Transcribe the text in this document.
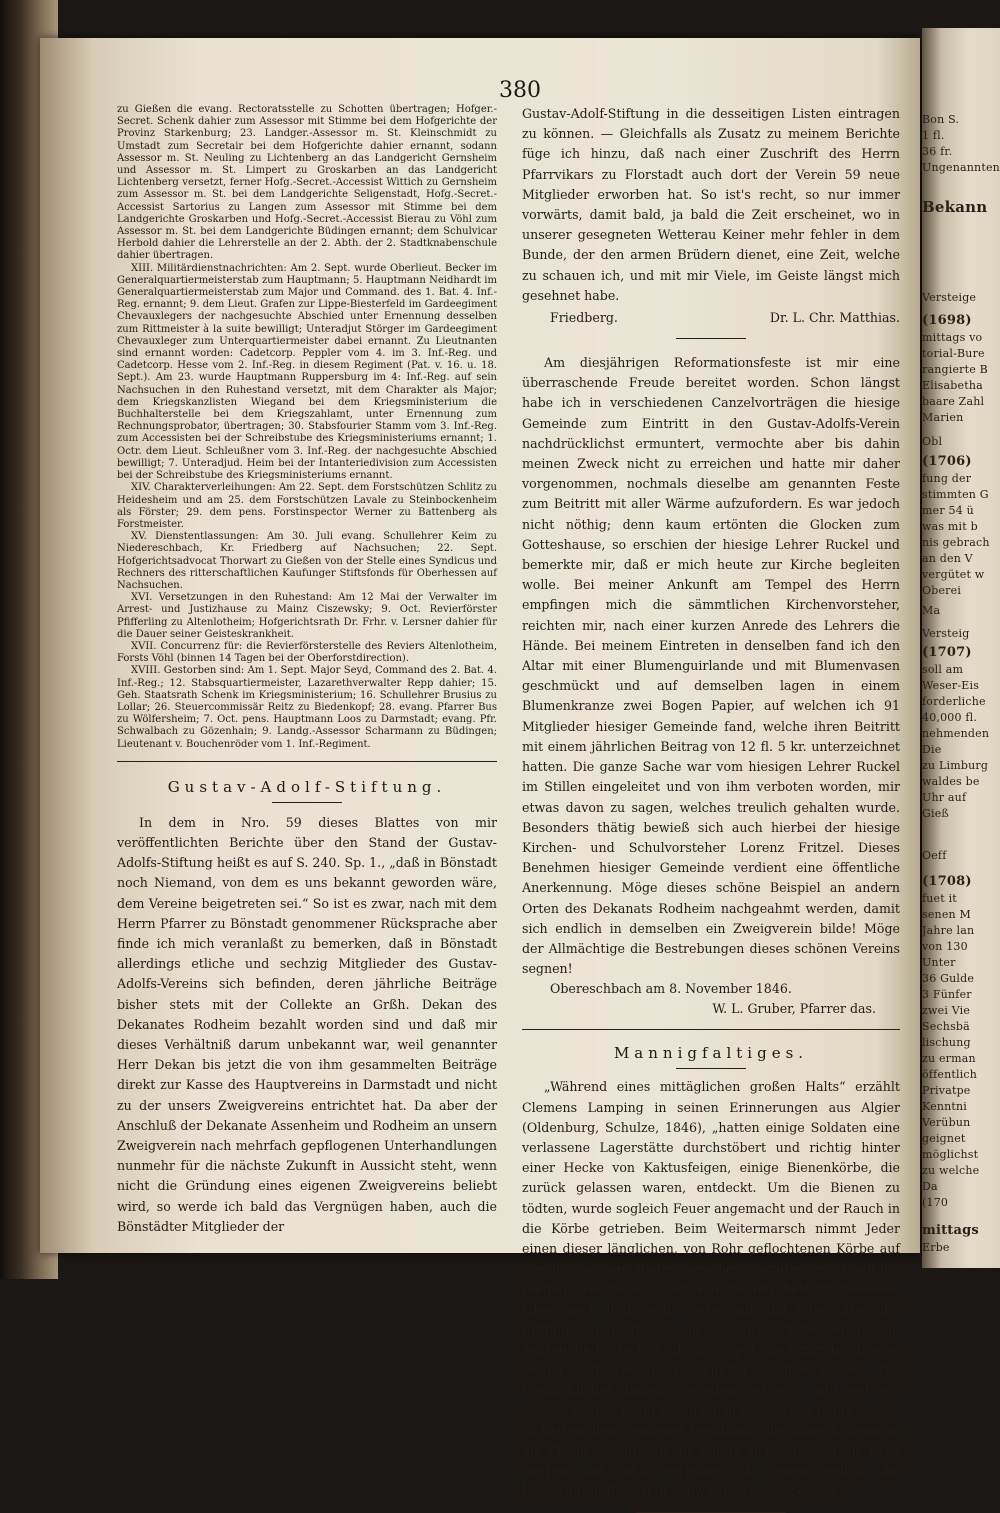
Bon S.
1 fl.
36 fr.
Ungenannten
Bekann
Versteige
(1698)
mittags vo
torial-Bure
rangierte B
Elisabetha
baare Zahl
Marien
Obl
(1706)
fung der
stimmten G
mer 54 ü
was mit b
nis gebrach
an den V
vergütet w
Oberei
Ma
Versteig
(1707)
soll am
Weser-Eis
forderliche
40,000 fl.
nehmenden
Die
zu Limburg
waldes be
Uhr auf
Gieß
Oeff
(1708)
fuet it
senen M
Jahre lan
von 130
Unter
36 Gulde
3 Fünfer
zwei Vie
Sechsbä
lischung
zu erman
öffentlich
Privatpe
Kenntni
Verübun
geignet
möglichst
zu welche
Da
(170
mittags
Erbe
380

zu Gießen die evang. Rectoratsstelle zu Schotten übertragen; Hofger.-Secret. Schenk dahier zum Assessor mit Stimme bei dem Hofgerichte der Provinz Starkenburg; 23. Landger.-Assessor m. St. Kleinschmidt zu Umstadt zum Secretair bei dem Hofgerichte dahier ernannt, sodann Assessor m. St. Neuling zu Lichtenberg an das Landgericht Gernsheim und Assessor m. St. Limpert zu Groskarben an das Landgericht Lichtenberg versetzt, ferner Hofg.-Secret.-Accessist Wittich zu Gernsheim zum Assessor m. St. bei dem Landgerichte Seligenstadt, Hofg.-Secret.-Accessist Sartorius zu Langen zum Assessor mit Stimme bei dem Landgerichte Groskarben und Hofg.-Secret.-Accessist Bierau zu Vöhl zum Assessor m. St. bei dem Landgerichte Büdingen ernannt; dem Schulvicar Herbold dahier die Lehrerstelle an der 2. Abth. der 2. Stadtknabenschule dahier übertragen.

XIII. Militärdienstnachrichten: Am 2. Sept. wurde Oberlieut. Becker im Generalquartiermeisterstab zum Hauptmann; 5. Hauptmann Neidhardt im Generalquartiermeisterstab zum Major und Command. des 1. Bat. 4. Inf.-Reg. ernannt; 9. dem Lieut. Grafen zur Lippe-Biesterfeld im Gardeegiment Chevauxlegers der nachgesuchte Abschied unter Ernennung desselben zum Rittmeister à la suite bewilligt; Unteradjut Störger im Gardeegiment Chevauxleger zum Unterquartiermeister dabei ernannt. Zu Lieutnanten sind ernannt worden: Cadetcorp. Peppler vom 4. im 3. Inf.-Reg. und Cadetcorp. Hesse vom 2. Inf.-Reg. in diesem Regiment (Pat. v. 16. u. 18. Sept.). Am 23. wurde Hauptmann Ruppersburg im 4: Inf.-Reg. auf sein Nachsuchen in den Ruhestand versetzt, mit dem Charakter als Major; dem Kriegskanzlisten Wiegand bei dem Kriegsministerium die Buchhalterstelle bei dem Kriegszahlamt, unter Ernennung zum Rechnungsprobator, übertragen; 30. Stabsfourier Stamm vom 3. Inf.-Reg. zum Accessisten bei der Schreibstube des Kriegsministeriums ernannt; 1. Octr. dem Lieut. Schleußner vom 3. Inf.-Reg. der nachgesuchte Abschied bewilligt; 7. Unteradjud. Heim bei der Intanteriedivision zum Accessisten bei der Schreibstube des Kriegsministeriums ernannt.

XIV. Charakterverleihungen: Am 22. Sept. dem Forstschützen Schlitz zu Heidesheim und am 25. dem Forstschützen Lavale zu Steinbockenheim als Förster; 29. dem pens. Forstinspector Werner zu Battenberg als Forstmeister.

XV. Dienstentlassungen: Am 30. Juli evang. Schullehrer Keim zu Niedereschbach, Kr. Friedberg auf Nachsuchen; 22. Sept. Hofgerichtsadvocat Thorwart zu Gießen von der Stelle eines Syndicus und Rechners des ritterschaftlichen Kaufunger Stiftsfonds für Oberhessen auf Nachsuchen.

XVI. Versetzungen in den Ruhestand: Am 12 Mai der Verwalter im Arrest- und Justizhause zu Mainz Ciszewsky; 9. Oct. Revierförster Pfifferling zu Altenlotheim; Hofgerichtsrath Dr. Frhr. v. Lersner dahier für die Dauer seiner Geisteskrankheit.

XVII. Concurrenz für: die Revierförsterstelle des Reviers Altenlotheim, Forsts Vöhl (binnen 14 Tagen bei der Oberforstdirection).

XVIII. Gestorben sind: Am 1. Sept. Major Seyd, Command des 2. Bat. 4. Inf.-Reg.; 12. Stabsquartiermeister, Lazarethverwalter Repp dahier; 15. Geh. Staatsrath Schenk im Kriegsministerium; 16. Schullehrer Brusius zu Lollar; 26. Steuercommissär Reitz zu Biedenkopf; 28. evang. Pfarrer Bus zu Wölfersheim; 7. Oct. pens. Hauptmann Loos zu Darmstadt; evang. Pfr. Schwalbach zu Gözenhain; 9. Landg.-Assessor Scharmann zu Büdingen; Lieutenant v. Bouchenröder vom 1. Inf.-Regiment.

Gustav-Adolf-Stiftung.

In dem in Nro. 59 dieses Blattes von mir veröffentlichten Berichte über den Stand der Gustav-Adolfs-Stiftung heißt es auf S. 240. Sp. 1., „daß in Bönstadt noch Niemand, von dem es uns bekannt geworden wäre, dem Vereine beigetreten sei.“ So ist es zwar, nach mit dem Herrn Pfarrer zu Bönstadt genommener Rücksprache aber finde ich mich veranlaßt zu bemerken, daß in Bönstadt allerdings etliche und sechzig Mitglieder des Gustav-Adolfs-Vereins sich befinden, deren jährliche Beiträge bisher stets mit der Collekte an Grßh. Dekan des Dekanates Rodheim bezahlt worden sind und daß mir dieses Verhältniß darum unbekannt war, weil genannter Herr Dekan bis jetzt die von ihm gesammelten Beiträge direkt zur Kasse des Hauptvereins in Darmstadt und nicht zu der unsers Zweigvereins entrichtet hat. Da aber der Anschluß der Dekanate Assenheim und Rodheim an unsern Zweigverein nach mehrfach gepflogenen Unterhandlungen nunmehr für die nächste Zukunft in Aussicht steht, wenn nicht die Gründung eines eigenen Zweigvereins beliebt wird, so werde ich bald das Vergnügen haben, auch die Bönstädter Mitglieder der

Gustav-Adolf-Stiftung in die desseitigen Listen eintragen zu können. — Gleichfalls als Zusatz zu meinem Berichte füge ich hinzu, daß nach einer Zuschrift des Herrn Pfarrvikars zu Florstadt auch dort der Verein 59 neue Mitglieder erworben hat. So ist's recht, so nur immer vorwärts, damit bald, ja bald die Zeit erscheinet, wo in unserer gesegneten Wetterau Keiner mehr fehler in dem Bunde, der den armen Brüdern dienet, eine Zeit, welche zu schauen ich, und mit mir Viele, im Geiste längst mich gesehnet habe.

Friedberg.	Dr. L. Chr. Matthias.

Am diesjährigen Reformationsfeste ist mir eine überraschende Freude bereitet worden. Schon längst habe ich in verschiedenen Canzelvorträgen die hiesige Gemeinde zum Eintritt in den Gustav-Adolfs-Verein nachdrücklichst ermuntert, vermochte aber bis dahin meinen Zweck nicht zu erreichen und hatte mir daher vorgenommen, nochmals dieselbe am genannten Feste zum Beitritt mit aller Wärme aufzufordern. Es war jedoch nicht nöthig; denn kaum ertönten die Glocken zum Gotteshause, so erschien der hiesige Lehrer Ruckel und bemerkte mir, daß er mich heute zur Kirche begleiten wolle. Bei meiner Ankunft am Tempel des Herrn empfingen mich die sämmtlichen Kirchenvorsteher, reichten mir, nach einer kurzen Anrede des Lehrers die Hände. Bei meinem Eintreten in denselben fand ich den Altar mit einer Blumenguirlande und mit Blumenvasen geschmückt und auf demselben lagen in einem Blumenkranze zwei Bogen Papier, auf welchen ich 91 Mitglieder hiesiger Gemeinde fand, welche ihren Beitritt mit einem jährlichen Beitrag von 12 fl. 5 kr. unterzeichnet hatten. Die ganze Sache war vom hiesigen Lehrer Ruckel im Stillen eingeleitet und von ihm verboten worden, mir etwas davon zu sagen, welches treulich gehalten wurde. Besonders thätig bewieß sich auch hierbei der hiesige Kirchen- und Schulvorsteher Lorenz Fritzel. Dieses Benehmen hiesiger Gemeinde verdient eine öffentliche Anerkennung. Möge dieses schöne Beispiel an andern Orten des Dekanats Rodheim nachgeahmt werden, damit sich endlich in demselben ein Zweigverein bilde! Möge der Allmächtige die Bestrebungen dieses schönen Vereins segnen!

Obereschbach am 8. November 1846.
W. L. Gruber, Pfarrer das.
Mannigfaltiges.

„Während eines mittäglichen großen Halts“ erzählt Clemens Lamping in seinen Erinnerungen aus Algier (Oldenburg, Schulze, 1846), „hatten einige Soldaten eine verlassene Lagerstätte durchstöbert und richtig hinter einer Hecke von Kaktusfeigen, einige Bienenkörbe, die zurück gelassen waren, entdeckt. Um die Bienen zu tödten, wurde sogleich Feuer angemacht und der Rauch in die Körbe getrieben. Beim Weitermarsch nimmt Jeder einen dieser länglichen, von Rohr geflochtenen Körbe auf den Rücken, um später dieselben auszubeuten. Allein die Bienen, welche von dem Rauche nur betäubt gewesen, leben nach und nach wieder auf und fallen über die Entführer her. Diese, auf das gräßlichste zerstochen, werfen die Körbe fort, allein zu spät, die erzürnten Bienen heften sich wie die Eumeniden an ihre Fersen. Die Unglücklichen laufen, springen, schreien laut auf vor Schmerz, Alles rennt durch einander; kurz es fehlte wenig, so hätten diese winzigen Geschöpfe die ganze Kolonne in die Flucht geschlagen. Es mußte sich Alles auf die Erde werfen und ruhig verhalten, da zogen endlich die besänftigten Bienen in Schwärmen wieder davon.“
